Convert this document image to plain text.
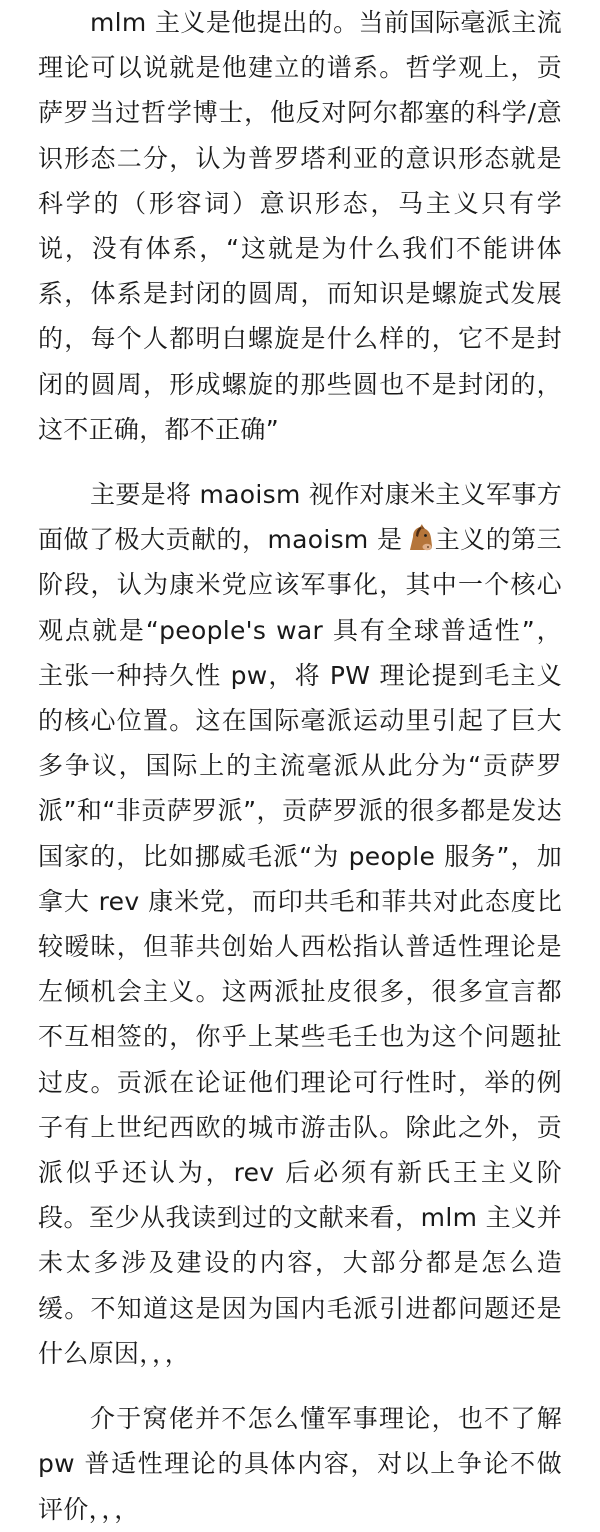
mlm 主义是他提出的。当前国际毫派主流理论可以说就是他建立的谱系。哲学观上，贡萨罗当过哲学博士，他反对阿尔都塞的科学/意识形态二分，认为普罗塔利亚的意识形态就是科学的（形容词）意识形态，马主义只有学说，没有体系，“这就是为什么我们不能讲体系，体系是封闭的圆周，而知识是螺旋式发展的，每个人都明白螺旋是什么样的，它不是封闭的圆周，形成螺旋的那些圆也不是封闭的，这不正确，都不正确”

主要是将 maoism 视作对康米主义军事方面做了极大贡献的，maoism 是 主义的第三阶段，认为康米党应该军事化，其中一个核心观点就是“people's war 具有全球普适性”，主张一种持久性 pw，将 PW 理论提到毛主义的核心位置。这在国际毫派运动里引起了巨大多争议，国际上的主流毫派从此分为“贡萨罗派”和“非贡萨罗派”，贡萨罗派的很多都是发达国家的，比如挪威毛派“为 people 服务”，加拿大 rev 康米党，而印共毛和菲共对此态度比较暧昧，但菲共创始人西松指认普适性理论是左倾机会主义。这两派扯皮很多，很多宣言都不互相签的，你乎上某些毛壬也为这个问题扯过皮。贡派在论证他们理论可行性时，举的例子有上世纪西欧的城市游击队。除此之外，贡派似乎还认为，rev 后必须有新氏王主义阶段。至少从我读到过的文献来看，mlm 主义并未太多涉及建设的内容，大部分都是怎么造缓。不知道这是因为国内毛派引进都问题还是什么原因，，，

介于窝佬并不怎么懂军事理论，也不了解 pw 普适性理论的具体内容，对以上争论不做评价，，，
